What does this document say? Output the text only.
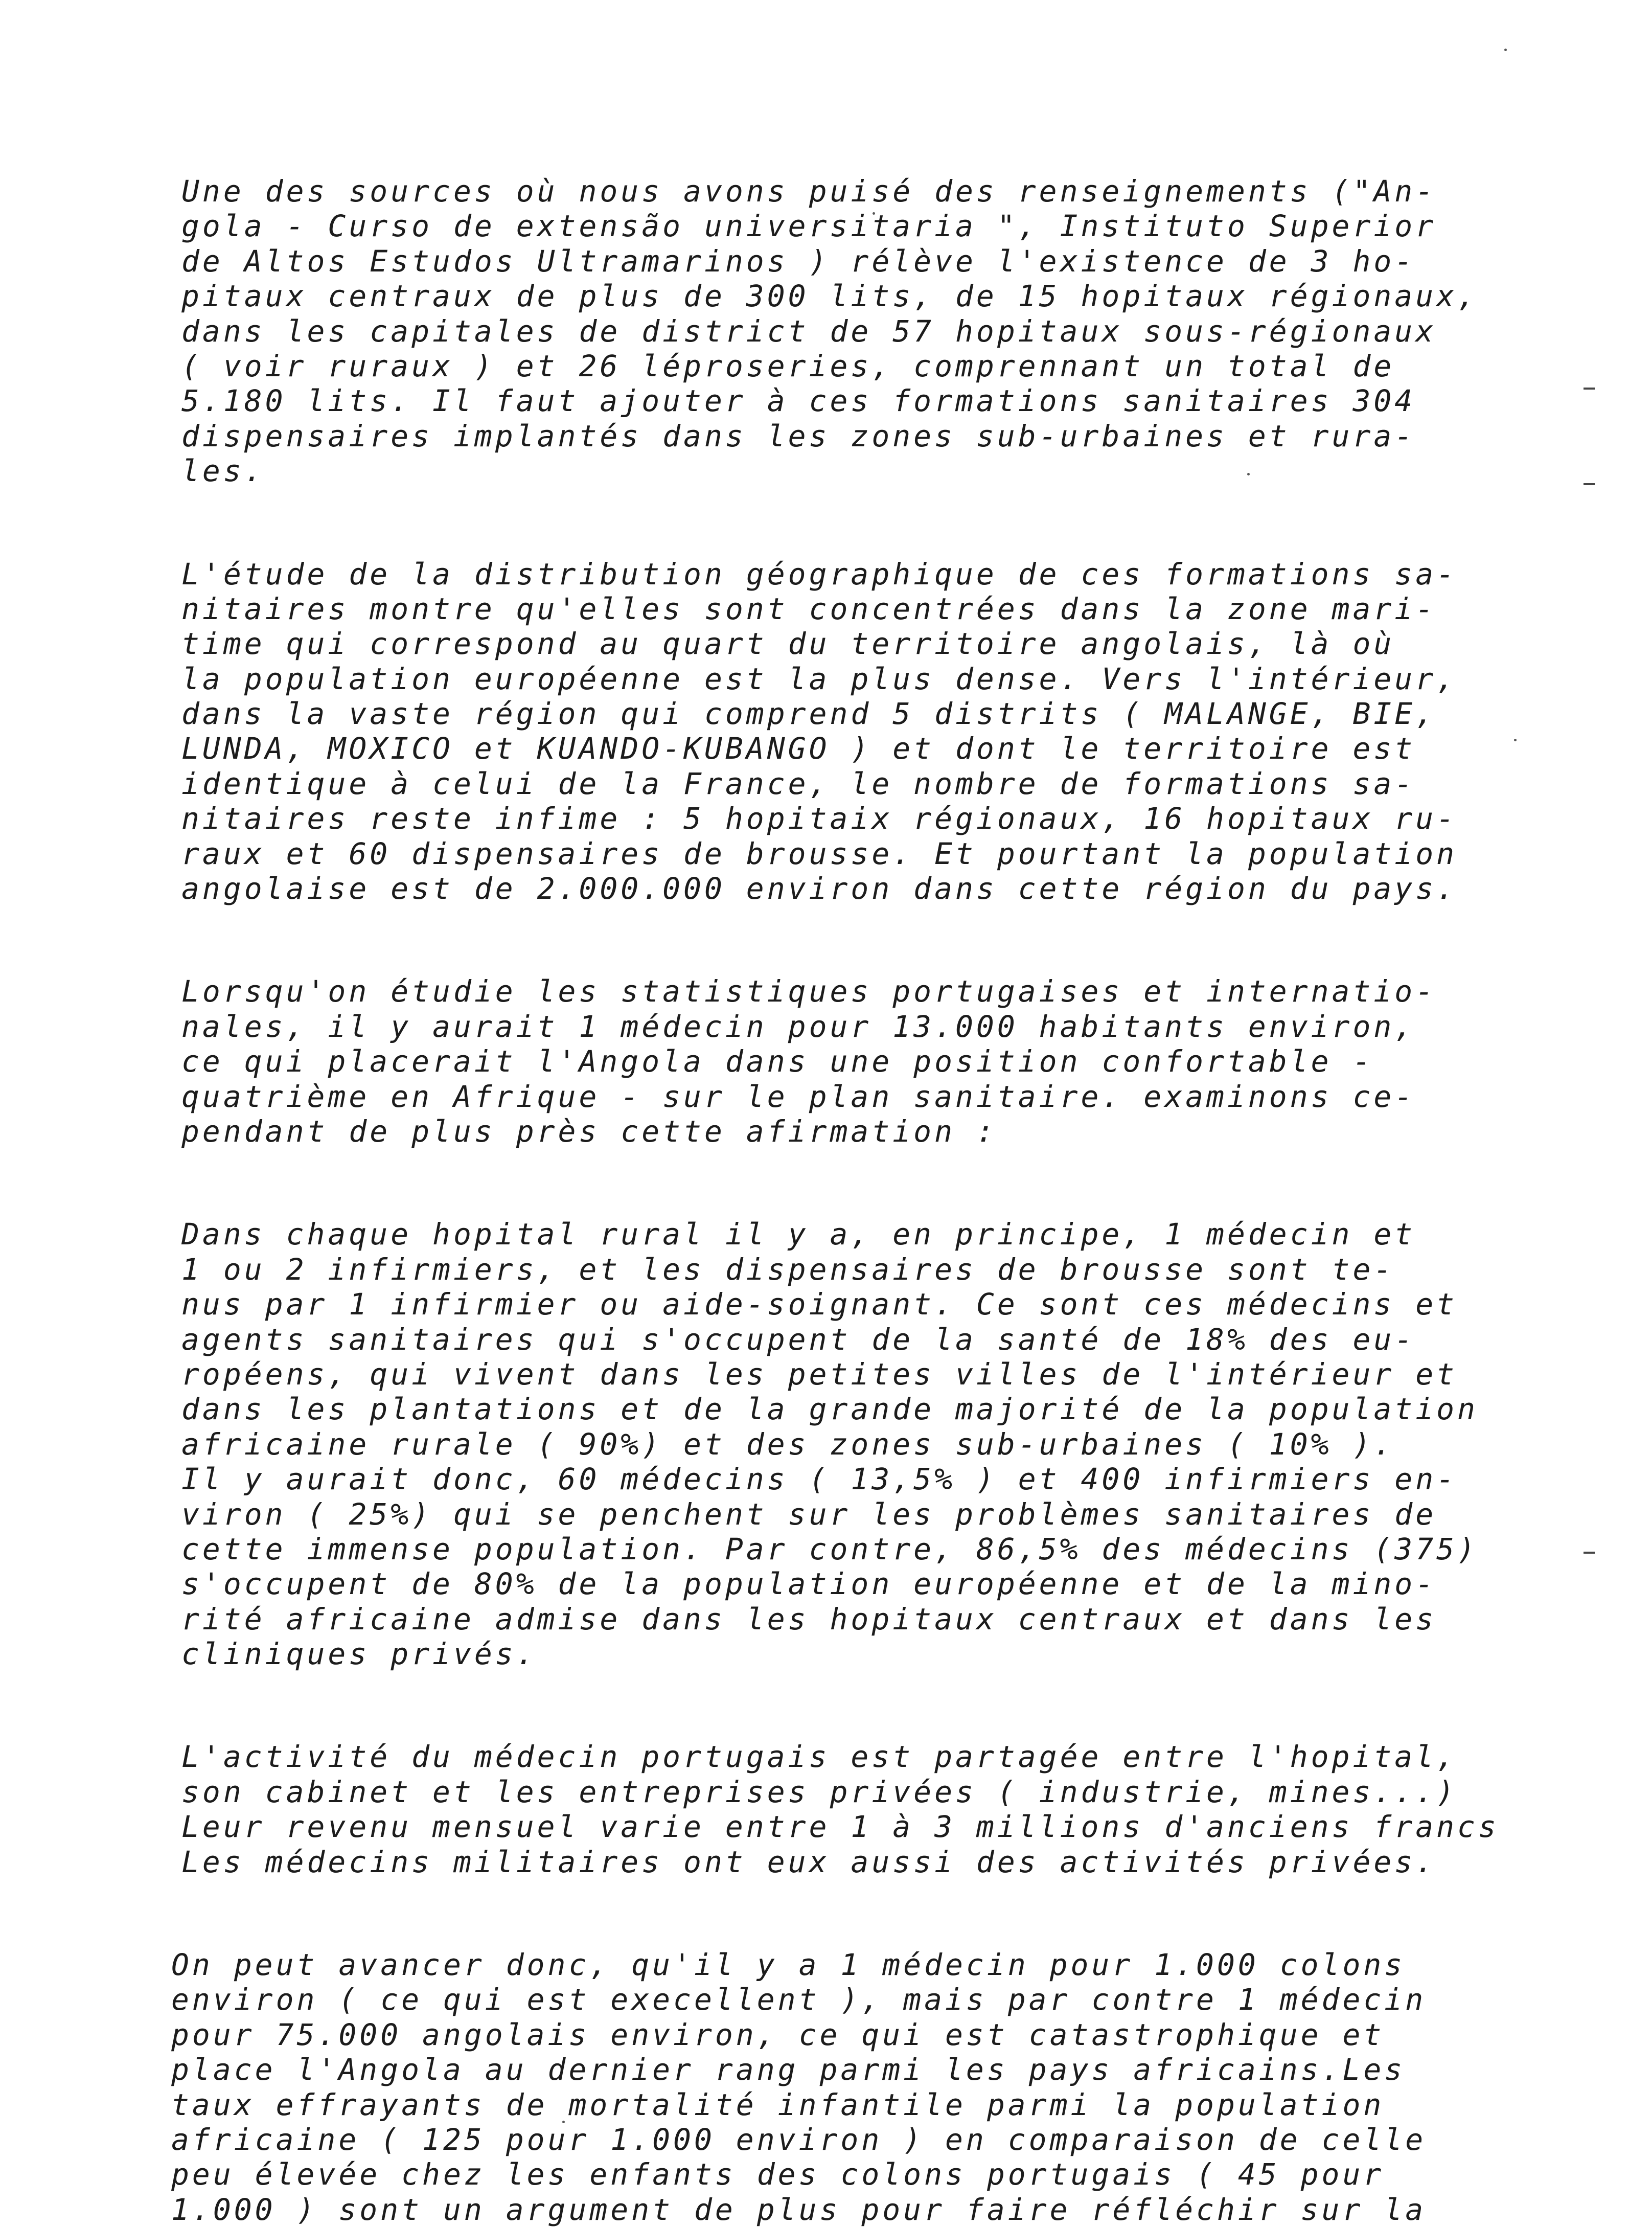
Une des sources où nous avons puisé des renseignements ("An-
gola - Curso de extensão universitaria ", Instituto Superior
de Altos Estudos Ultramarinos ) rélève l'existence de 3 ho-
pitaux centraux de plus de 300 lits, de 15 hopitaux régionaux,
dans les capitales de district de 57 hopitaux sous-régionaux
( voir ruraux ) et 26 léproseries, comprennant un total de
5.180 lits. Il faut ajouter à ces formations sanitaires 304
dispensaires implantés dans les zones sub-urbaines et rura-
les.
L'étude de la distribution géographique de ces formations sa-
nitaires montre qu'elles sont concentrées dans la zone mari-
time qui correspond au quart du territoire angolais, là où
la population européenne est la plus dense. Vers l'intérieur,
dans la vaste région qui comprend 5 distrits ( MALANGE, BIE,
LUNDA, MOXICO et KUANDO-KUBANGO ) et dont le territoire est
identique à celui de la France, le nombre de formations sa-
nitaires reste infime : 5 hopitaix régionaux, 16 hopitaux ru-
raux et 60 dispensaires de brousse. Et pourtant la population
angolaise est de 2.000.000 environ dans cette région du pays.
Lorsqu'on étudie les statistiques portugaises et internatio-
nales, il y aurait 1 médecin pour 13.000 habitants environ,
ce qui placerait l'Angola dans une position confortable -
quatrième en Afrique - sur le plan sanitaire. examinons ce-
pendant de plus près cette afirmation :
Dans chaque hopital rural il y a, en principe, 1 médecin et
1 ou 2 infirmiers, et les dispensaires de brousse sont te-
nus par 1 infirmier ou aide-soignant. Ce sont ces médecins et
agents sanitaires qui s'occupent de la santé de 18% des eu-
ropéens, qui vivent dans les petites villes de l'intérieur et
dans les plantations et de la grande majorité de la population
africaine rurale ( 90%) et des zones sub-urbaines ( 10% ).
Il y aurait donc, 60 médecins ( 13,5% ) et 400 infirmiers en-
viron ( 25%) qui se penchent sur les problèmes sanitaires de
cette immense population. Par contre, 86,5% des médecins (375)
s'occupent de 80% de la population européenne et de la mino-
rité africaine admise dans les hopitaux centraux et dans les
cliniques privés.
L'activité du médecin portugais est partagée entre l'hopital,
son cabinet et les entreprises privées ( industrie, mines...)
Leur revenu mensuel varie entre 1 à 3 millions d'anciens francs
Les médecins militaires ont eux aussi des activités privées.
On peut avancer donc, qu'il y a 1 médecin pour 1.000 colons
environ ( ce qui est execellent ), mais par contre 1 médecin
pour 75.000 angolais environ, ce qui est catastrophique et
place l'Angola au dernier rang parmi les pays africains.Les
taux effrayants de mortalité infantile parmi la population
africaine ( 125 pour 1.000 environ ) en comparaison de celle
peu élevée chez les enfants des colons portugais ( 45 pour
1.000 ) sont un argument de plus pour faire réfléchir sur la
